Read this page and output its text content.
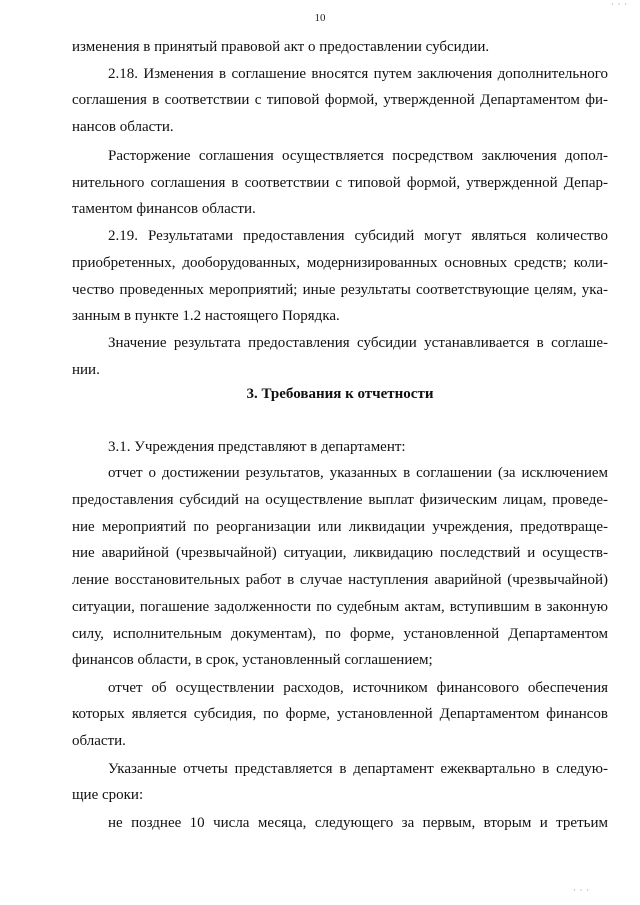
· · ·
10
изменения в принятый правовой акт о предоставлении субсидии.
2.18. Изменения в соглашение вносятся путем заключения дополнительного
соглашения в соответствии с типовой формой, утвержденной Департаментом фи-
нансов области.
Расторжение соглашения осуществляется посредством заключения допол-
нительного соглашения в соответствии с типовой формой, утвержденной Депар-
таментом финансов области.
2.19. Результатами предоставления субсидий могут являться количество
приобретенных, дооборудованных, модернизированных основных средств; коли-
чество проведенных мероприятий; иные результаты соответствующие целям, ука-
занным в пункте 1.2 настоящего Порядка.
Значение результата предоставления субсидии устанавливается в соглаше-
нии.
3. Требования к отчетности
3.1. Учреждения представляют в департамент:
отчет о достижении результатов, указанных в соглашении (за исключением
предоставления субсидий на осуществление выплат физическим лицам, проведе-
ние мероприятий по реорганизации или ликвидации учреждения, предотвраще-
ние аварийной (чрезвычайной) ситуации, ликвидацию последствий и осуществ-
ление восстановительных работ в случае наступления аварийной (чрезвычайной)
ситуации, погашение задолженности по судебным актам, вступившим в законную
силу, исполнительным документам), по форме, установленной Департаментом
финансов области, в срок, установленный соглашением;
отчет об осуществлении расходов, источником финансового обеспечения
которых является субсидия, по форме, установленной Департаментом финансов
области.
Указанные отчеты представляется в департамент ежеквартально в следую-
щие сроки:
не позднее 10 числа месяца, следующего за первым, вторым и третьим
· · ·
